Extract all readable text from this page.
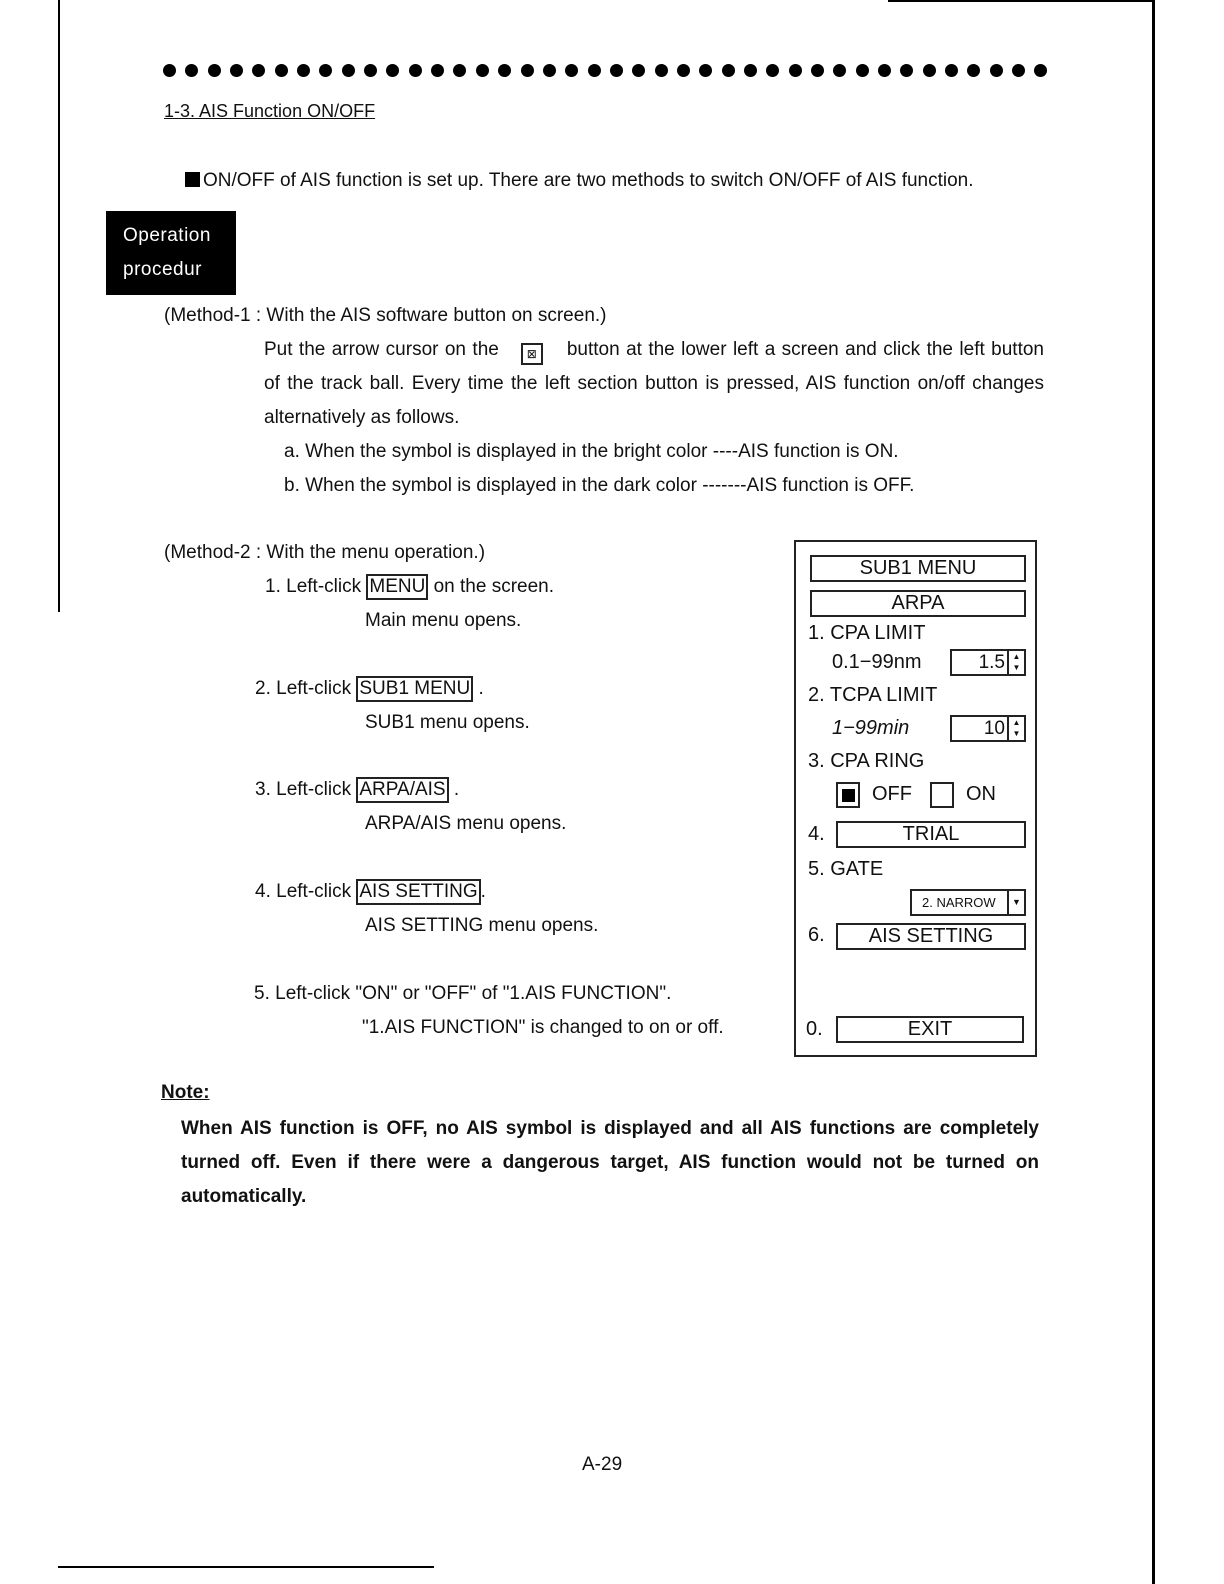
1-3. AIS Function ON/OFF
ON/OFF of AIS function is set up. There are two methods to switch ON/OFF of AIS function.
Operation
procedur
(Method-1 : With the AIS software button on screen.)
Put the arrow cursor on the ⊠ button at the lower left a screen and click the left button of the track ball. Every time the left section button is pressed, AIS function on/off changes alternatively as follows.
a. When the symbol is displayed in the bright color ----AIS function is ON.
b. When the symbol is displayed in the dark color -------AIS function is OFF.
(Method-2 : With the menu operation.)
1. Left-click MENU on the screen.
Main menu opens.
2. Left-click SUB1 MENU .
SUB1 menu opens.
3. Left-click ARPA/AIS .
ARPA/AIS menu opens.
4. Left-click AIS SETTING .
AIS SETTING menu opens.
5. Left-click "ON" or "OFF" of "1.AIS FUNCTION".
"1.AIS FUNCTION" is changed to on or off.
SUB1 MENU
ARPA
1. CPA LIMIT
0.1−99nm	1.5 ▲
▼
2. TCPA LIMIT
1−99min	10 ▲
▼
3. CPA RING
OFF	ON
4.	TRIAL
5. GATE
2. NARROW	▼
6.	AIS SETTING
0.	EXIT
Note:
When AIS function is OFF, no AIS symbol is displayed and all AIS functions are completely turned off. Even if there were a dangerous target, AIS function would not be turned on automatically.
A-29
